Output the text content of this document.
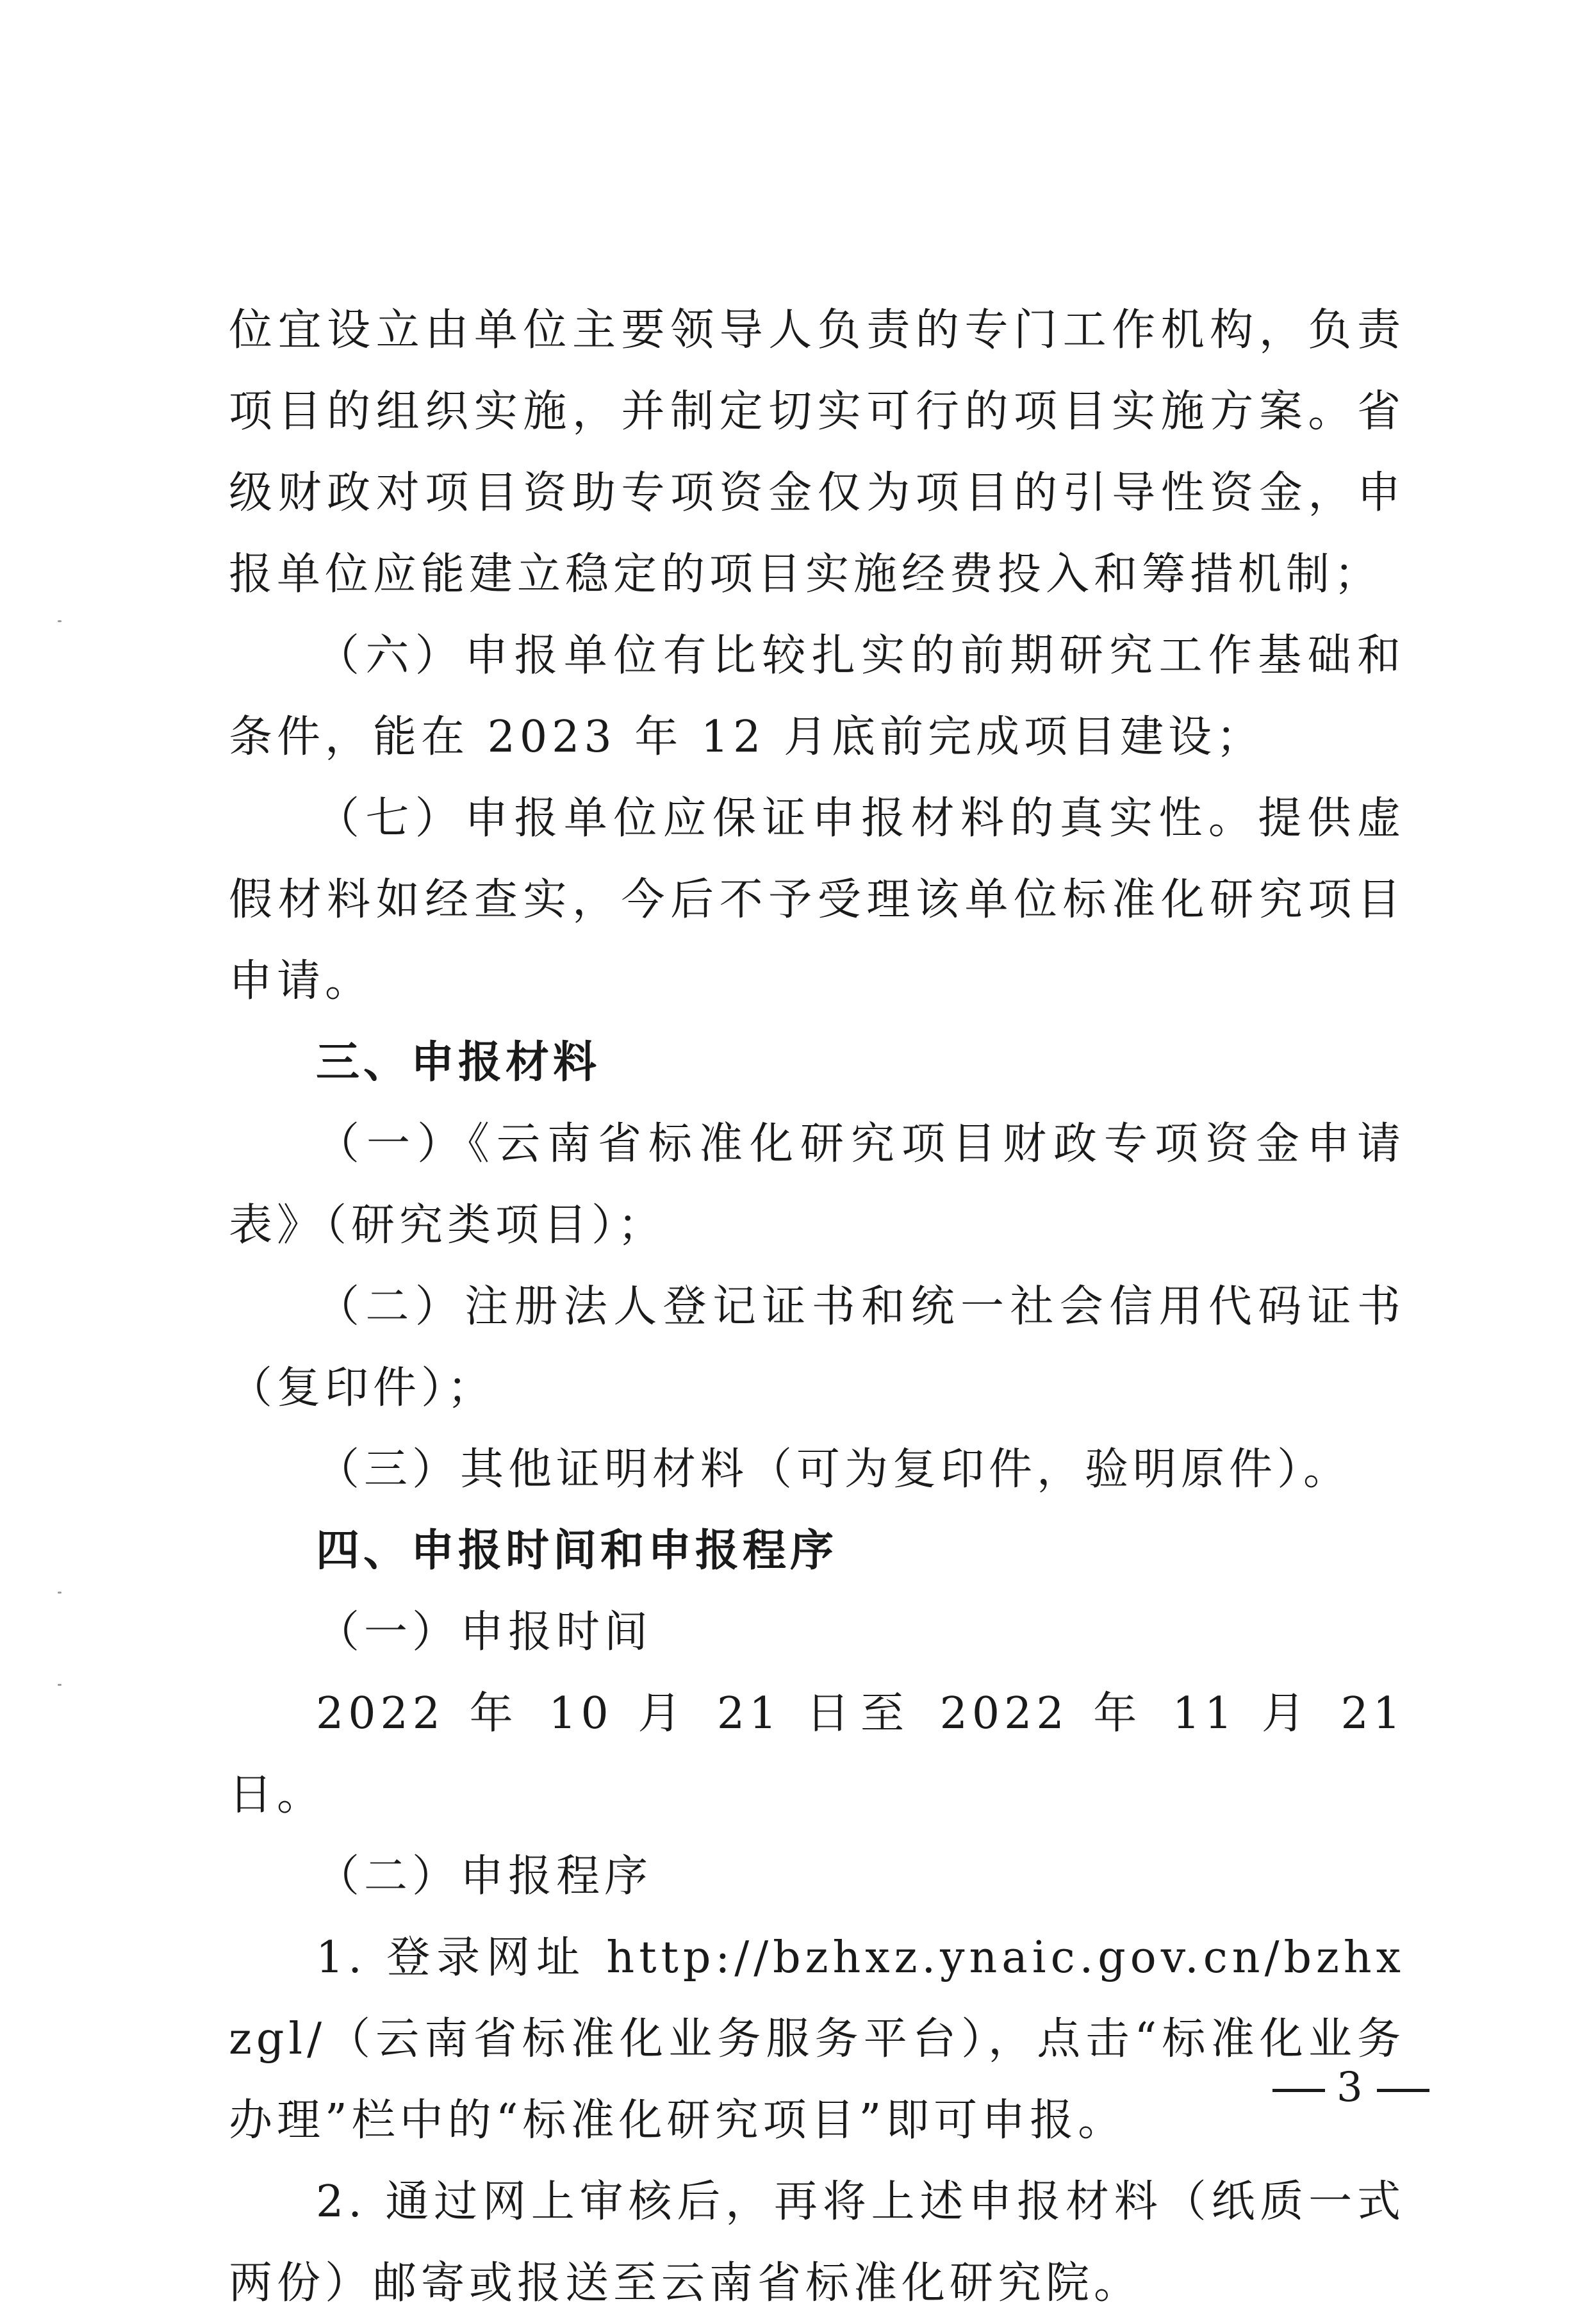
位宜设立由单位主要领导人负责的专门工作机构，负责项目的组织实施，并制定切实可行的项目实施方案。省级财政对项目资助专项资金仅为项目的引导性资金，申报单位应能建立稳定的项目实施经费投入和筹措机制；

（六）申报单位有比较扎实的前期研究工作基础和条件，能在 2023 年 12 月底前完成项目建设；

（七）申报单位应保证申报材料的真实性。提供虚假材料如经查实，今后不予受理该单位标准化研究项目申请。

三、申报材料

（一）《云南省标准化研究项目财政专项资金申请表》（研究类项目）；

（二）注册法人登记证书和统一社会信用代码证书（复印件）；

（三）其他证明材料（可为复印件，验明原件）。

四、申报时间和申报程序

（一）申报时间

2022 年 10 月 21 日至 2022 年 11 月 21 日。

（二）申报程序

1. 登录网址 http://bzhxz.ynaic.gov.cn/bzhxzgl/（云南省标准化业务服务平台），点击“标准化业务办理”栏中的“标准化研究项目”即可申报。

2. 通过网上审核后，再将上述申报材料（纸质一式两份）邮寄或报送至云南省标准化研究院。

3
